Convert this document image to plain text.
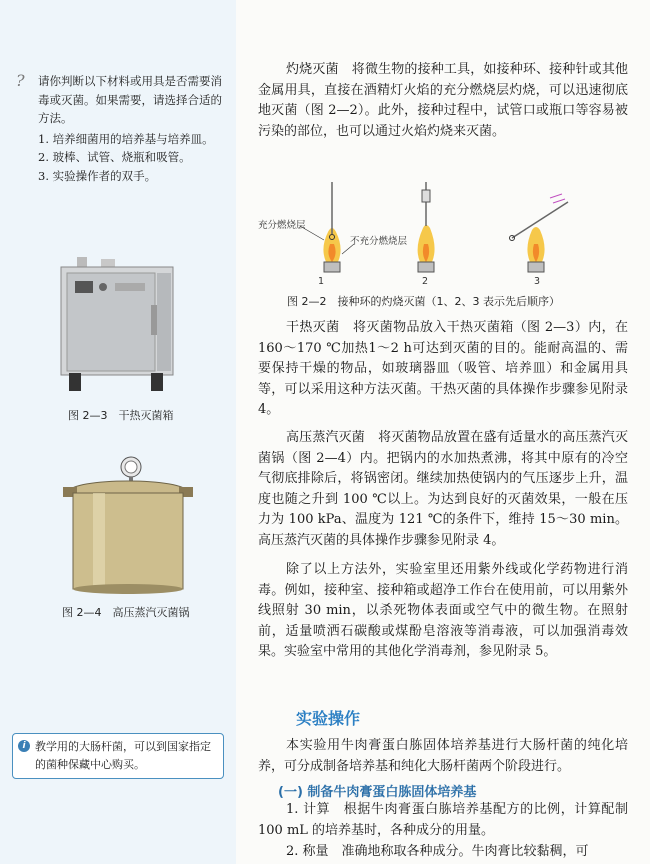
?	请你判断以下材料或用具是否需要消毒或灭菌。如果需要，请选择合适的方法。
1. 培养细菌用的培养基与培养皿。
2. 玻棒、试管、烧瓶和吸管。
3. 实验操作者的双手。
图 2—3　干热灭菌箱
图 2—4　高压蒸汽灭菌锅
i 教学用的大肠杆菌，可以到国家指定的菌种保藏中心购买。

灼烧灭菌　将微生物的接种工具，如接种环、接种针或其他金属用具，直接在酒精灯火焰的充分燃烧层灼烧，可以迅速彻底地灭菌（图 2—2）。此外，接种过程中，试管口或瓶口等容易被污染的部位，也可以通过火焰灼烧来灭菌。

充分燃烧层
不充分燃烧层
1	2	3
图 2—2　接种环的灼烧灭菌（1、2、3 表示先后顺序）

干热灭菌　将灭菌物品放入干热灭菌箱（图 2—3）内，在160～170 ℃加热1～2 h可达到灭菌的目的。能耐高温的、需要保持干燥的物品，如玻璃器皿（吸管、培养皿）和金属用具等，可以采用这种方法灭菌。干热灭菌的具体操作步骤参见附录 4。

高压蒸汽灭菌　将灭菌物品放置在盛有适量水的高压蒸汽灭菌锅（图 2—4）内。把锅内的水加热煮沸，将其中原有的冷空气彻底排除后，将锅密闭。继续加热使锅内的气压逐步上升，温度也随之升到 100 ℃以上。为达到良好的灭菌效果，一般在压力为 100 kPa、温度为 121 ℃的条件下，维持 15～30 min。高压蒸汽灭菌的具体操作步骤参见附录 4。

除了以上方法外，实验室里还用紫外线或化学药物进行消毒。例如，接种室、接种箱或超净工作台在使用前，可以用紫外线照射 30 min，以杀死物体表面或空气中的微生物。在照射前，适量喷洒石碳酸或煤酚皂溶液等消毒液，可以加强消毒效果。实验室中常用的其他化学消毒剂，参见附录 5。

实验操作

本实验用牛肉膏蛋白胨固体培养基进行大肠杆菌的纯化培养，可分成制备培养基和纯化大肠杆菌两个阶段进行。

(一) 制备牛肉膏蛋白胨固体培养基

1. 计算　根据牛肉膏蛋白胨培养基配方的比例，计算配制 100 mL 的培养基时，各种成分的用量。

2. 称量　准确地称取各种成分。牛肉膏比较黏稠，可
